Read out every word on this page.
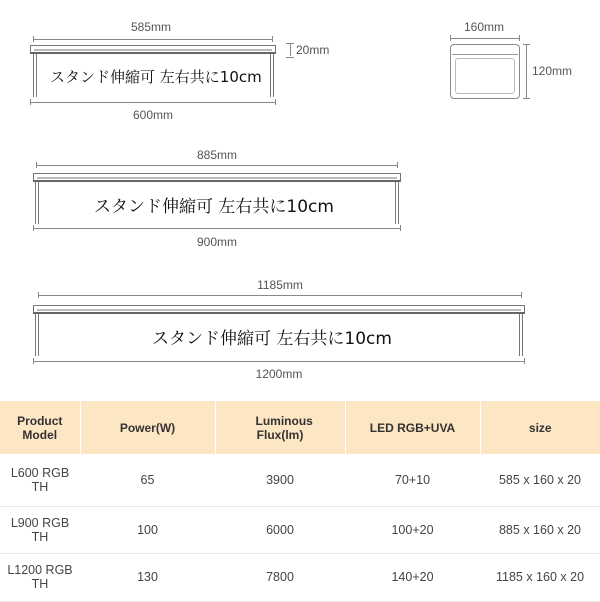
585mm
20mm
スタンド伸縮可 左右共に10cm
600mm
160mm
120mm
885mm
スタンド伸縮可 左右共に10cm
900mm
1185mm
スタンド伸縮可 左右共に10cm
1200mm
Product Model	Power(W)	Luminous Flux(lm)	LED RGB+UVA	size
L600 RGB TH	65	3900	70+10	585 x 160 x 20
L900 RGB TH	100	6000	100+20	885 x 160 x 20
L1200 RGB TH	130	7800	140+20	1185 x 160 x 20
